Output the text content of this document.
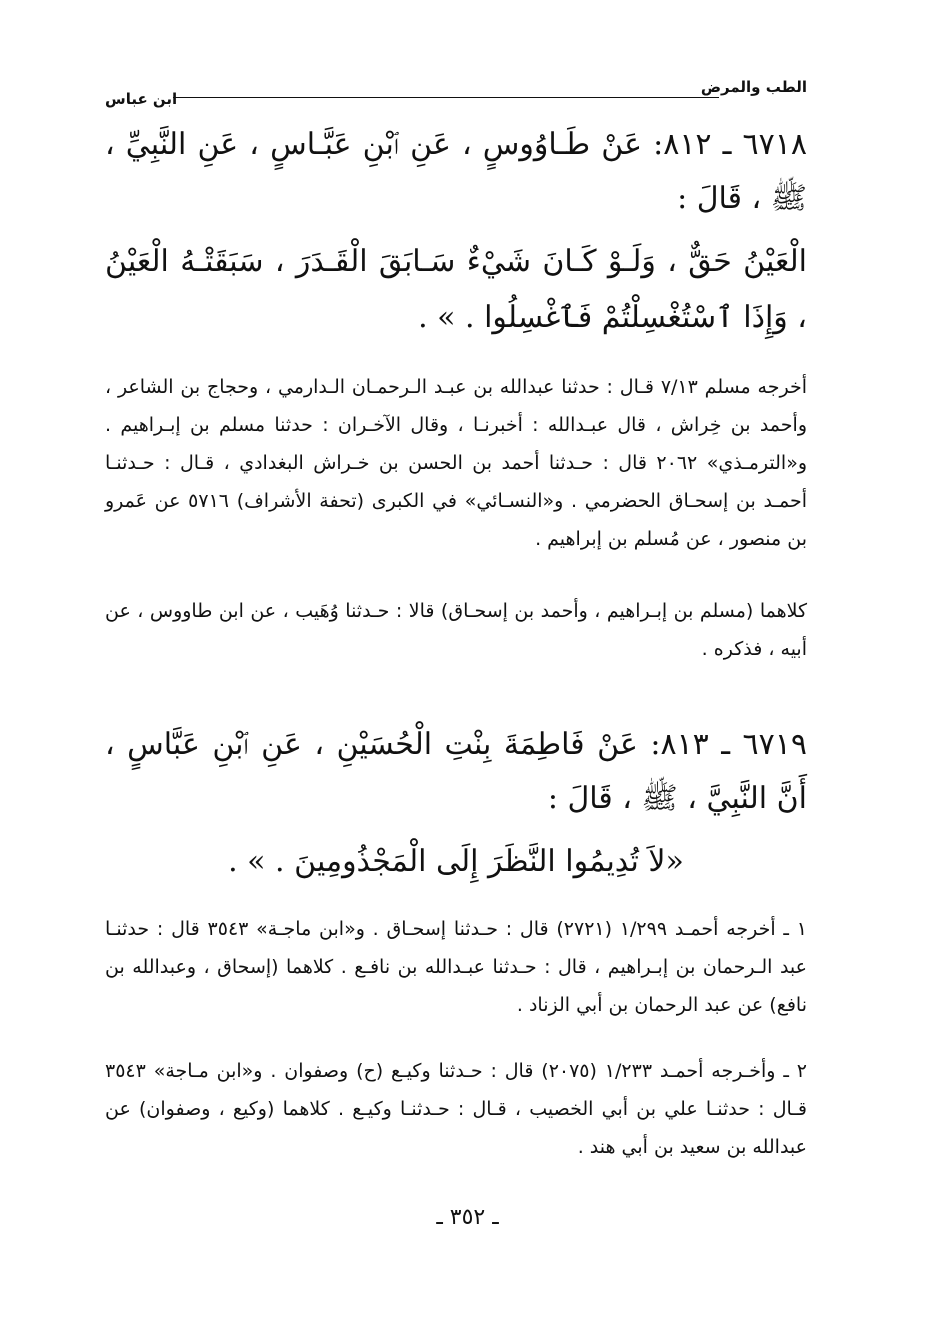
الطب والمرض
ابن عباس
٦٧١٨ ـ ٨١٢: عَنْ طَـاوُوسٍ ، عَنِ ٱبْنِ عَبَّـاسٍ ، عَنِ النَّبِيِّ ، ﷺ ، قَالَ :
الْعَيْنُ حَقٌّ ، وَلَـوْ كَـانَ شَيْءٌ سَـابَقَ الْقَـدَرَ ، سَبَقَتْـهُ الْعَيْنُ ، وَإِذَا ٱسْتُغْسِلْتُمْ فَٱغْسِلُوا . » .
أخرجه مسلم ٧/١٣ قـال : حدثنا عبدالله بن عبـد الـرحمـان الـدارمي ، وحجاج بن الشاعر ، وأحمد بن خِراش ، قال عبـدالله : أخبرنـا ، وقال الآخـران : حدثنا مسلم بن إبـراهيم . و«الترمـذي» ٢٠٦٢ قال : حـدثنا أحمد بن الحسن بن خـراش البغدادي ، قـال : حـدثنـا أحمـد بن إسحـاق الحضرمي . و«النسـائي» في الكبرى (تحفة الأشراف) ٥٧١٦ عن عَمرو بن منصور ، عن مُسلم بن إبراهيم .
كلاهما (مسلم بن إبـراهيم ، وأحمد بن إسحـاق) قالا : حـدثنا وُهَيب ، عن ابن طاووس ، عن أبيه ، فذكره .
٦٧١٩ ـ ٨١٣: عَنْ فَاطِمَةَ بِنْتِ الْحُسَيْنِ ، عَنِ ٱبْنِ عَبَّاسٍ ، أَنَّ النَّبِيَّ ، ﷺ ، قَالَ :
«لاَ تُدِيمُوا النَّظَرَ إِلَى الْمَجْذُومِينَ . » .
١ ـ أخرجه أحمـد ١/٢٩٩ (٢٧٢١) قال : حـدثنا إسحـاق . و«ابن ماجـة» ٣٥٤٣ قال : حدثنـا عبد الـرحمان بن إبـراهيم ، قال : حـدثنا عبـدالله بن نافـع . كلاهما (إسحاق ، وعبدالله بن نافع) عن عبد الرحمان بن أبي الزناد .
٢ ـ وأخـرجه أحمـد ١/٢٣٣ (٢٠٧٥) قال : حـدثنا وكيـع (ح) وصفوان . و«ابن مـاجة» ٣٥٤٣ قـال : حدثنـا علي بن أبي الخصيب ، قـال : حـدثنـا وكيـع . كلاهما (وكيع ، وصفوان) عن عبدالله بن سعيد بن أبي هند .
ـ ٣٥٢ ـ
